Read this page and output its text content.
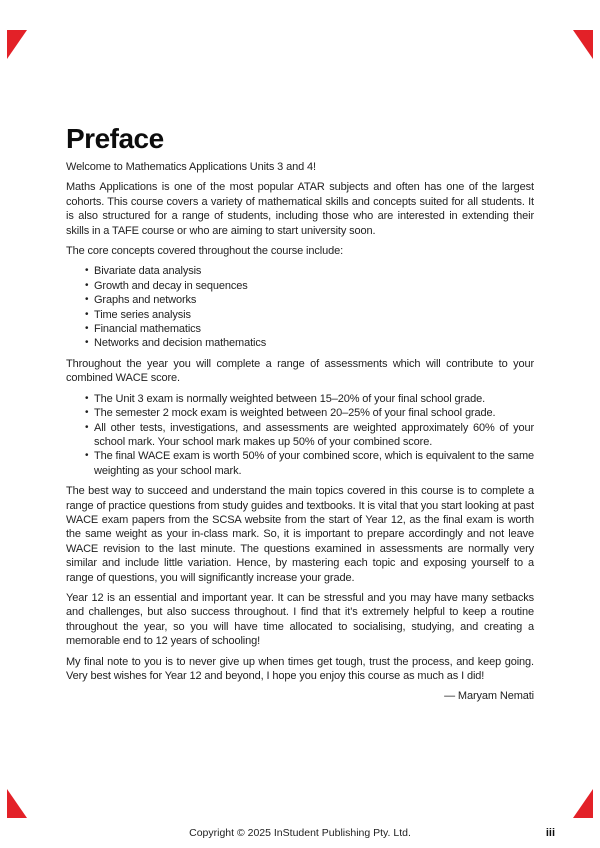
Preface

Welcome to Mathematics Applications Units 3 and 4!

Maths Applications is one of the most popular ATAR subjects and often has one of the largest cohorts. This course covers a variety of mathematical skills and concepts suited for all students. It is also structured for a range of students, including those who are interested in extending their skills in a TAFE course or who are aiming to start university soon.

The core concepts covered throughout the course include:

• Bivariate data analysis
• Growth and decay in sequences
• Graphs and networks
• Time series analysis
• Financial mathematics
• Networks and decision mathematics

Throughout the year you will complete a range of assessments which will contribute to your combined WACE score.

• The Unit 3 exam is normally weighted between 15–20% of your final school grade.
• The semester 2 mock exam is weighted between 20–25% of your final school grade.
• All other tests, investigations, and assessments are weighted approximately 60% of your school mark. Your school mark makes up 50% of your combined score.
• The final WACE exam is worth 50% of your combined score, which is equivalent to the same weighting as your school mark.

The best way to succeed and understand the main topics covered in this course is to complete a range of practice questions from study guides and textbooks. It is vital that you start looking at past WACE exam papers from the SCSA website from the start of Year 12, as the final exam is worth the same weight as your in-class mark. So, it is important to prepare accordingly and not leave WACE revision to the last minute. The questions examined in assessments are normally very similar and include little variation. Hence, by mastering each topic and exposing yourself to a range of questions, you will significantly increase your grade.

Year 12 is an essential and important year. It can be stressful and you may have many setbacks and challenges, but also success throughout. I find that it’s extremely helpful to keep a routine throughout the year, so you will have time allocated to socialising, studying, and creating a memorable end to 12 years of schooling!

My final note to you is to never give up when times get tough, trust the process, and keep going. Very best wishes for Year 12 and beyond, I hope you enjoy this course as much as I did!

— Maryam Nemati

Copyright © 2025 InStudent Publishing Pty. Ltd.	iii
